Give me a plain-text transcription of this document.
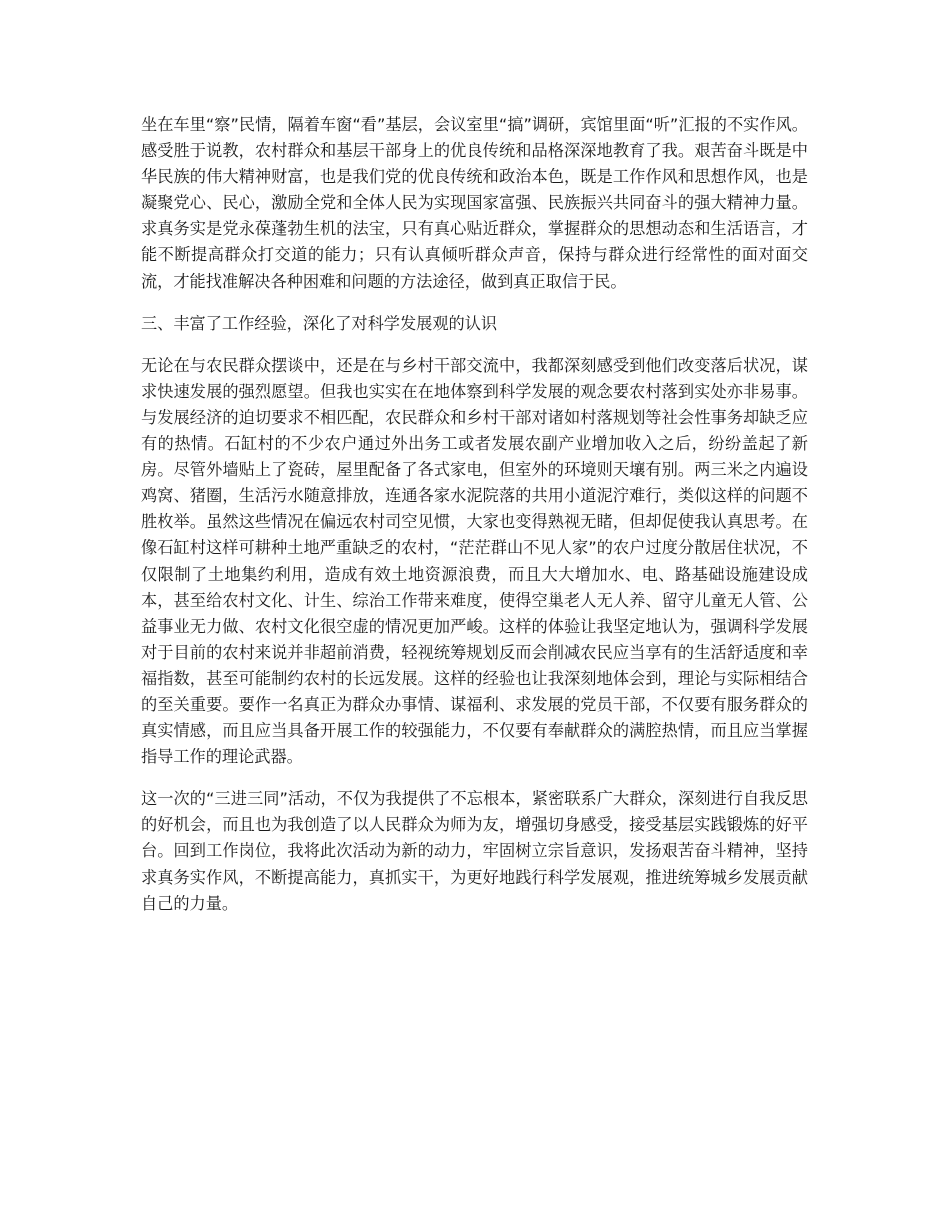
坐在车里“察”民情，隔着车窗“看”基层，会议室里“搞”调研，宾馆里面“听”汇报的不实作风。感受胜于说教，农村群众和基层干部身上的优良传统和品格深深地教育了我。艰苦奋斗既是中华民族的伟大精神财富，也是我们党的优良传统和政治本色，既是工作作风和思想作风，也是凝聚党心、民心，激励全党和全体人民为实现国家富强、民族振兴共同奋斗的强大精神力量。求真务实是党永葆蓬勃生机的法宝，只有真心贴近群众，掌握群众的思想动态和生活语言，才能不断提高群众打交道的能力；只有认真倾听群众声音，保持与群众进行经常性的面对面交流，才能找准解决各种困难和问题的方法途径，做到真正取信于民。

三、丰富了工作经验，深化了对科学发展观的认识

无论在与农民群众摆谈中，还是在与乡村干部交流中，我都深刻感受到他们改变落后状况，谋求快速发展的强烈愿望。但我也实实在在地体察到科学发展的观念要农村落到实处亦非易事。与发展经济的迫切要求不相匹配，农民群众和乡村干部对诸如村落规划等社会性事务却缺乏应有的热情。石缸村的不少农户通过外出务工或者发展农副产业增加收入之后，纷纷盖起了新房。尽管外墙贴上了瓷砖，屋里配备了各式家电，但室外的环境则天壤有别。两三米之内遍设鸡窝、猪圈，生活污水随意排放，连通各家水泥院落的共用小道泥泞难行，类似这样的问题不胜枚举。虽然这些情况在偏远农村司空见惯，大家也变得熟视无睹，但却促使我认真思考。在像石缸村这样可耕种土地严重缺乏的农村，“茫茫群山不见人家”的农户过度分散居住状况，不仅限制了土地集约利用，造成有效土地资源浪费，而且大大增加水、电、路基础设施建设成本，甚至给农村文化、计生、综治工作带来难度，使得空巢老人无人养、留守儿童无人管、公益事业无力做、农村文化很空虚的情况更加严峻。这样的体验让我坚定地认为，强调科学发展对于目前的农村来说并非超前消费，轻视统筹规划反而会削减农民应当享有的生活舒适度和幸福指数，甚至可能制约农村的长远发展。这样的经验也让我深刻地体会到，理论与实际相结合的至关重要。要作一名真正为群众办事情、谋福利、求发展的党员干部，不仅要有服务群众的真实情感，而且应当具备开展工作的较强能力，不仅要有奉献群众的满腔热情，而且应当掌握指导工作的理论武器。

这一次的“三进三同”活动，不仅为我提供了不忘根本，紧密联系广大群众，深刻进行自我反思的好机会，而且也为我创造了以人民群众为师为友，增强切身感受，接受基层实践锻炼的好平台。回到工作岗位，我将此次活动为新的动力，牢固树立宗旨意识，发扬艰苦奋斗精神，坚持求真务实作风，不断提高能力，真抓实干，为更好地践行科学发展观，推进统筹城乡发展贡献自己的力量。
